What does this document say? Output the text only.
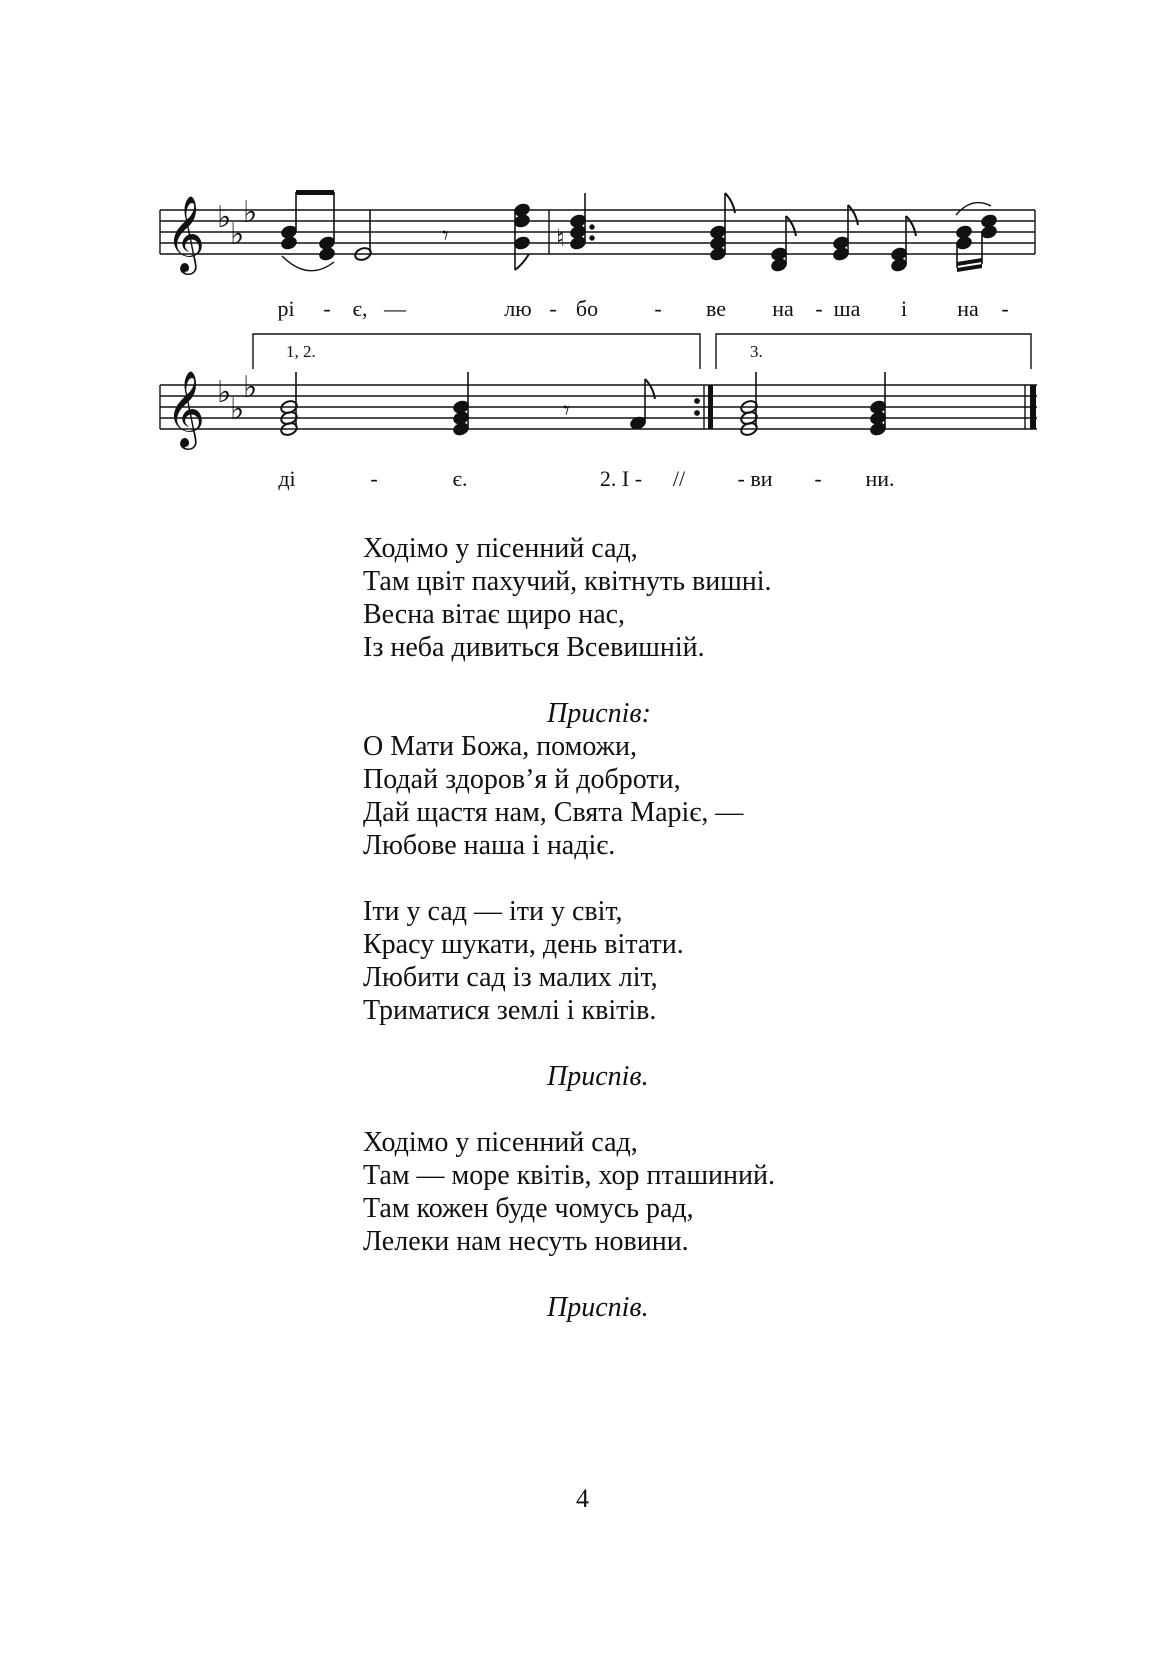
𝄞 ♭
♭
♭
𝄾	♮
рі - є, —	лю - бо	- ве на - ша і на -
1, 2.	3.
𝄞 ♭
♭
♭
𝄾
ді	-	є.	2. І - // - ви - ни.
Ходімо у пісенний сад,
Там цвіт пахучий, квітнуть вишні.
Весна вітає щиро нас,
Із неба дивиться Всевишній.
Приспів:
О Мати Божа, поможи,
Подай здоров’я й доброти,
Дай щастя нам, Свята Маріє, —
Любове наша і надіє.
Іти у сад — іти у світ,
Красу шукати, день вітати.
Любити сад із малих літ,
Триматися землі і квітів.
Приспів.
Ходімо у пісенний сад,
Там — море квітів, хор пташиний.
Там кожен буде чомусь рад,
Лелеки нам несуть новини.
Приспів.
4
